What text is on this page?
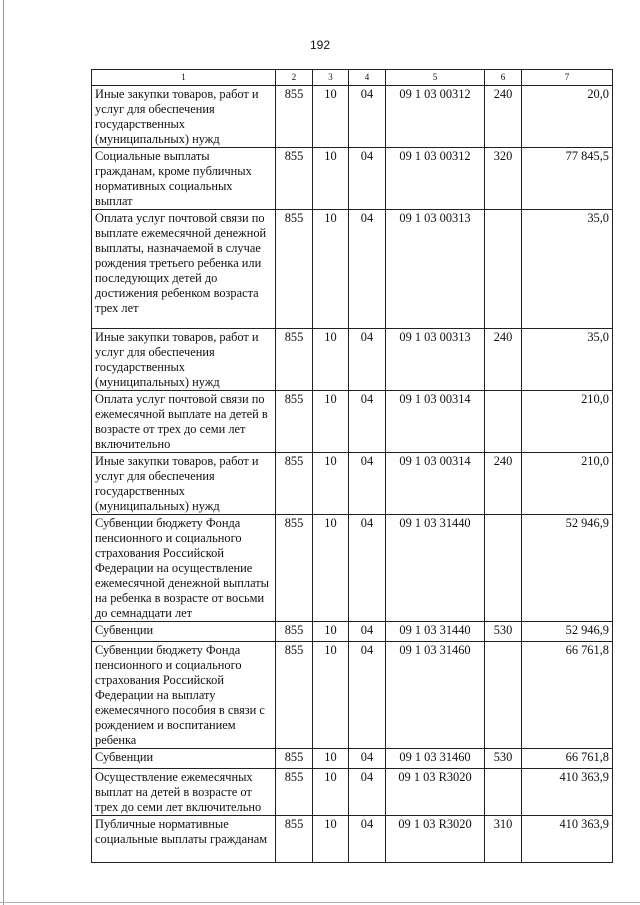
192
1	2	3	4	5	6	7
Иные закупки товаров, работ и услуг для обеспечения государственных (муниципальных) нужд	855	10	04	09 1 03 00312	240	20,0
Социальные выплаты гражданам, кроме публичных нормативных социальных выплат	855	10	04	09 1 03 00312	320	77 845,5
Оплата услуг почтовой связи по выплате ежемесячной денежной выплаты, назначаемой в случае рождения третьего ребенка или последующих детей до достижения ребенком возраста трех лет	855	10	04	09 1 03 00313		35,0
Иные закупки товаров, работ и услуг для обеспечения государственных (муниципальных) нужд	855	10	04	09 1 03 00313	240	35,0
Оплата услуг почтовой связи по ежемесячной выплате на детей в возрасте от трех до семи лет включительно	855	10	04	09 1 03 00314		210,0
Иные закупки товаров, работ и услуг для обеспечения государственных (муниципальных) нужд	855	10	04	09 1 03 00314	240	210,0
Субвенции бюджету Фонда пенсионного и социального страхования Российской Федерации на осуществление ежемесячной денежной выплаты на ребенка в возрасте от восьми до семнадцати лет	855	10	04	09 1 03 31440		52 946,9
Субвенции	855	10	04	09 1 03 31440	530	52 946,9
Субвенции бюджету Фонда пенсионного и социального страхования Российской Федерации на выплату ежемесячного пособия в связи с рождением и воспитанием ребенка	855	10	04	09 1 03 31460		66 761,8
Субвенции	855	10	04	09 1 03 31460	530	66 761,8
Осуществление ежемесячных выплат на детей в возрасте от трех до семи лет включительно	855	10	04	09 1 03 R3020		410 363,9
Публичные нормативные социальные выплаты гражданам	855	10	04	09 1 03 R3020	310	410 363,9
